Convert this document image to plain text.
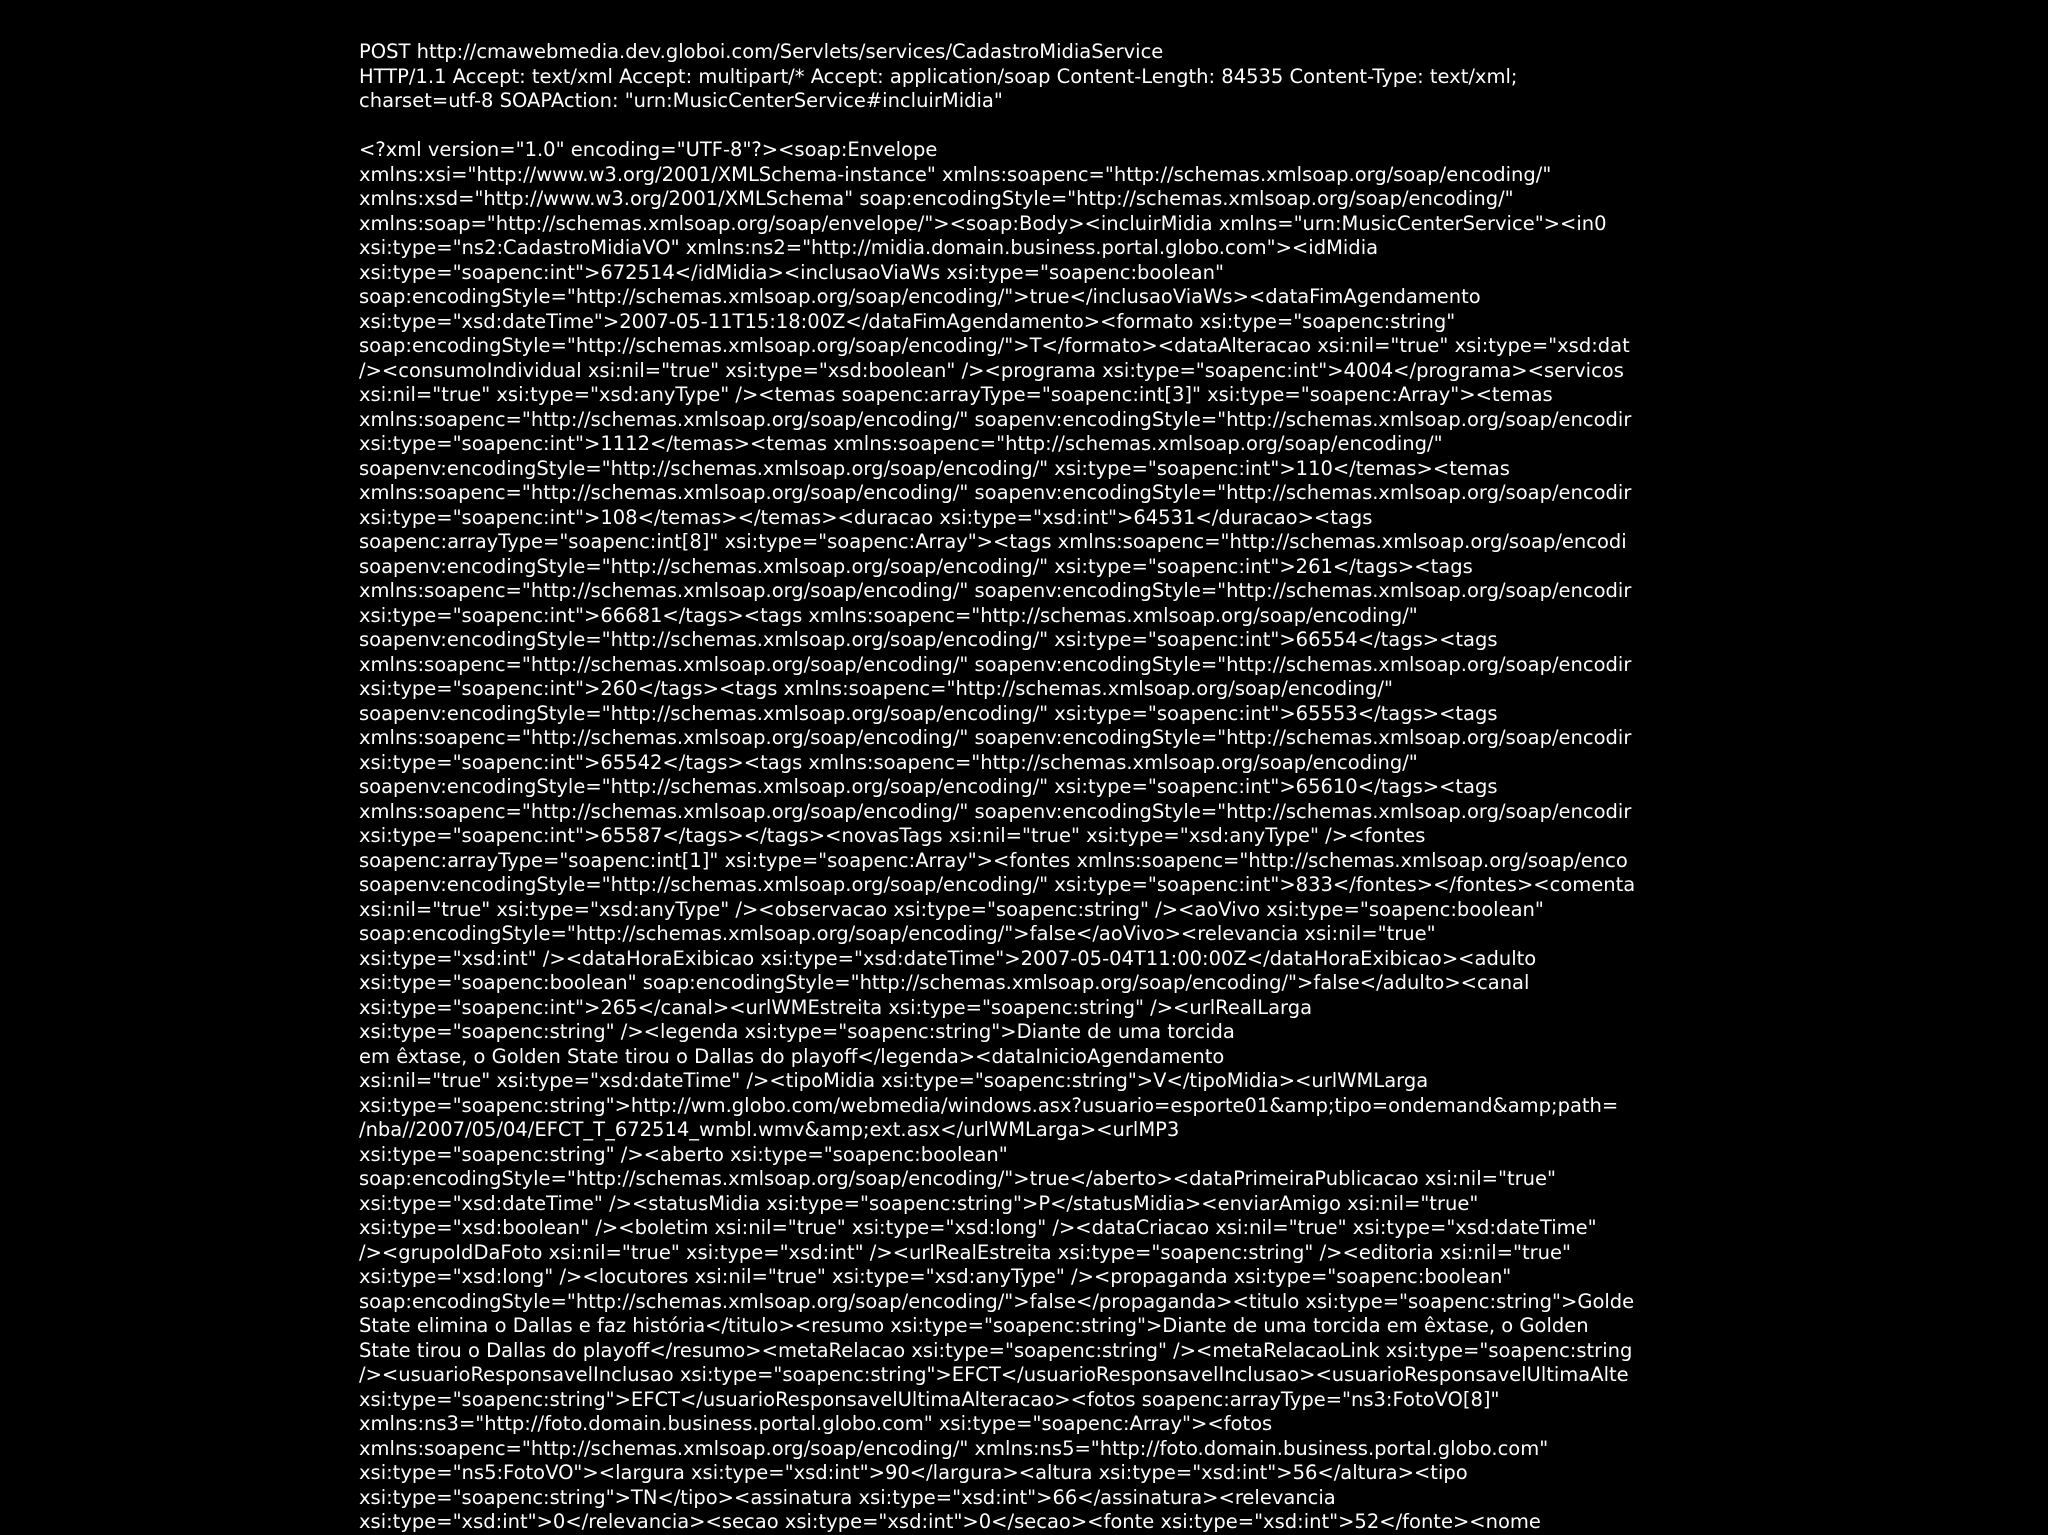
POST http://cmawebmedia.dev.globoi.com/Servlets/services/CadastroMidiaService
HTTP/1.1 Accept: text/xml Accept: multipart/* Accept: application/soap Content-Length: 84535 Content-Type: text/xml;
charset=utf-8 SOAPAction: "urn:MusicCenterService#incluirMidia"
<?xml version="1.0" encoding="UTF-8"?><soap:Envelope
xmlns:xsi="http://www.w3.org/2001/XMLSchema-instance" xmlns:soapenc="http://schemas.xmlsoap.org/soap/encoding/"
xmlns:xsd="http://www.w3.org/2001/XMLSchema" soap:encodingStyle="http://schemas.xmlsoap.org/soap/encoding/"
xmlns:soap="http://schemas.xmlsoap.org/soap/envelope/"><soap:Body><incluirMidia xmlns="urn:MusicCenterService"><in0
xsi:type="ns2:CadastroMidiaVO" xmlns:ns2="http://midia.domain.business.portal.globo.com"><idMidia
xsi:type="soapenc:int">672514</idMidia><inclusaoViaWs xsi:type="soapenc:boolean"
soap:encodingStyle="http://schemas.xmlsoap.org/soap/encoding/">true</inclusaoViaWs><dataFimAgendamento
xsi:type="xsd:dateTime">2007-05-11T15:18:00Z</dataFimAgendamento><formato xsi:type="soapenc:string"
soap:encodingStyle="http://schemas.xmlsoap.org/soap/encoding/">T</formato><dataAlteracao xsi:nil="true" xsi:type="xsd:dat
/><consumoIndividual xsi:nil="true" xsi:type="xsd:boolean" /><programa xsi:type="soapenc:int">4004</programa><servicos
xsi:nil="true" xsi:type="xsd:anyType" /><temas soapenc:arrayType="soapenc:int[3]" xsi:type="soapenc:Array"><temas
xmlns:soapenc="http://schemas.xmlsoap.org/soap/encoding/" soapenv:encodingStyle="http://schemas.xmlsoap.org/soap/encodir
xsi:type="soapenc:int">1112</temas><temas xmlns:soapenc="http://schemas.xmlsoap.org/soap/encoding/"
soapenv:encodingStyle="http://schemas.xmlsoap.org/soap/encoding/" xsi:type="soapenc:int">110</temas><temas
xmlns:soapenc="http://schemas.xmlsoap.org/soap/encoding/" soapenv:encodingStyle="http://schemas.xmlsoap.org/soap/encodir
xsi:type="soapenc:int">108</temas></temas><duracao xsi:type="xsd:int">64531</duracao><tags
soapenc:arrayType="soapenc:int[8]" xsi:type="soapenc:Array"><tags xmlns:soapenc="http://schemas.xmlsoap.org/soap/encodi
soapenv:encodingStyle="http://schemas.xmlsoap.org/soap/encoding/" xsi:type="soapenc:int">261</tags><tags
xmlns:soapenc="http://schemas.xmlsoap.org/soap/encoding/" soapenv:encodingStyle="http://schemas.xmlsoap.org/soap/encodir
xsi:type="soapenc:int">66681</tags><tags xmlns:soapenc="http://schemas.xmlsoap.org/soap/encoding/"
soapenv:encodingStyle="http://schemas.xmlsoap.org/soap/encoding/" xsi:type="soapenc:int">66554</tags><tags
xmlns:soapenc="http://schemas.xmlsoap.org/soap/encoding/" soapenv:encodingStyle="http://schemas.xmlsoap.org/soap/encodir
xsi:type="soapenc:int">260</tags><tags xmlns:soapenc="http://schemas.xmlsoap.org/soap/encoding/"
soapenv:encodingStyle="http://schemas.xmlsoap.org/soap/encoding/" xsi:type="soapenc:int">65553</tags><tags
xmlns:soapenc="http://schemas.xmlsoap.org/soap/encoding/" soapenv:encodingStyle="http://schemas.xmlsoap.org/soap/encodir
xsi:type="soapenc:int">65542</tags><tags xmlns:soapenc="http://schemas.xmlsoap.org/soap/encoding/"
soapenv:encodingStyle="http://schemas.xmlsoap.org/soap/encoding/" xsi:type="soapenc:int">65610</tags><tags
xmlns:soapenc="http://schemas.xmlsoap.org/soap/encoding/" soapenv:encodingStyle="http://schemas.xmlsoap.org/soap/encodir
xsi:type="soapenc:int">65587</tags></tags><novasTags xsi:nil="true" xsi:type="xsd:anyType" /><fontes
soapenc:arrayType="soapenc:int[1]" xsi:type="soapenc:Array"><fontes xmlns:soapenc="http://schemas.xmlsoap.org/soap/enco
soapenv:encodingStyle="http://schemas.xmlsoap.org/soap/encoding/" xsi:type="soapenc:int">833</fontes></fontes><comenta
xsi:nil="true" xsi:type="xsd:anyType" /><observacao xsi:type="soapenc:string" /><aoVivo xsi:type="soapenc:boolean"
soap:encodingStyle="http://schemas.xmlsoap.org/soap/encoding/">false</aoVivo><relevancia xsi:nil="true"
xsi:type="xsd:int" /><dataHoraExibicao xsi:type="xsd:dateTime">2007-05-04T11:00:00Z</dataHoraExibicao><adulto
xsi:type="soapenc:boolean" soap:encodingStyle="http://schemas.xmlsoap.org/soap/encoding/">false</adulto><canal
xsi:type="soapenc:int">265</canal><urlWMEstreita xsi:type="soapenc:string" /><urlRealLarga
xsi:type="soapenc:string" /><legenda xsi:type="soapenc:string">Diante de uma torcida
em êxtase, o Golden State tirou o Dallas do playoff</legenda><dataInicioAgendamento
xsi:nil="true" xsi:type="xsd:dateTime" /><tipoMidia xsi:type="soapenc:string">V</tipoMidia><urlWMLarga
xsi:type="soapenc:string">http://wm.globo.com/webmedia/windows.asx?usuario=esporte01&amp;tipo=ondemand&amp;path=
/nba//2007/05/04/EFCT_T_672514_wmbl.wmv&amp;ext.asx</urlWMLarga><urlMP3
xsi:type="soapenc:string" /><aberto xsi:type="soapenc:boolean"
soap:encodingStyle="http://schemas.xmlsoap.org/soap/encoding/">true</aberto><dataPrimeiraPublicacao xsi:nil="true"
xsi:type="xsd:dateTime" /><statusMidia xsi:type="soapenc:string">P</statusMidia><enviarAmigo xsi:nil="true"
xsi:type="xsd:boolean" /><boletim xsi:nil="true" xsi:type="xsd:long" /><dataCriacao xsi:nil="true" xsi:type="xsd:dateTime"
/><grupoIdDaFoto xsi:nil="true" xsi:type="xsd:int" /><urlRealEstreita xsi:type="soapenc:string" /><editoria xsi:nil="true"
xsi:type="xsd:long" /><locutores xsi:nil="true" xsi:type="xsd:anyType" /><propaganda xsi:type="soapenc:boolean"
soap:encodingStyle="http://schemas.xmlsoap.org/soap/encoding/">false</propaganda><titulo xsi:type="soapenc:string">Golde
State elimina o Dallas e faz história</titulo><resumo xsi:type="soapenc:string">Diante de uma torcida em êxtase, o Golden
State tirou o Dallas do playoff</resumo><metaRelacao xsi:type="soapenc:string" /><metaRelacaoLink xsi:type="soapenc:string
/><usuarioResponsavelInclusao xsi:type="soapenc:string">EFCT</usuarioResponsavelInclusao><usuarioResponsavelUltimaAlte
xsi:type="soapenc:string">EFCT</usuarioResponsavelUltimaAlteracao><fotos soapenc:arrayType="ns3:FotoVO[8]"
xmlns:ns3="http://foto.domain.business.portal.globo.com" xsi:type="soapenc:Array"><fotos
xmlns:soapenc="http://schemas.xmlsoap.org/soap/encoding/" xmlns:ns5="http://foto.domain.business.portal.globo.com"
xsi:type="ns5:FotoVO"><largura xsi:type="xsd:int">90</largura><altura xsi:type="xsd:int">56</altura><tipo
xsi:type="soapenc:string">TN</tipo><assinatura xsi:type="xsd:int">66</assinatura><relevancia
xsi:type="xsd:int">0</relevancia><secao xsi:type="xsd:int">0</secao><fonte xsi:type="xsd:int">52</fonte><nome
